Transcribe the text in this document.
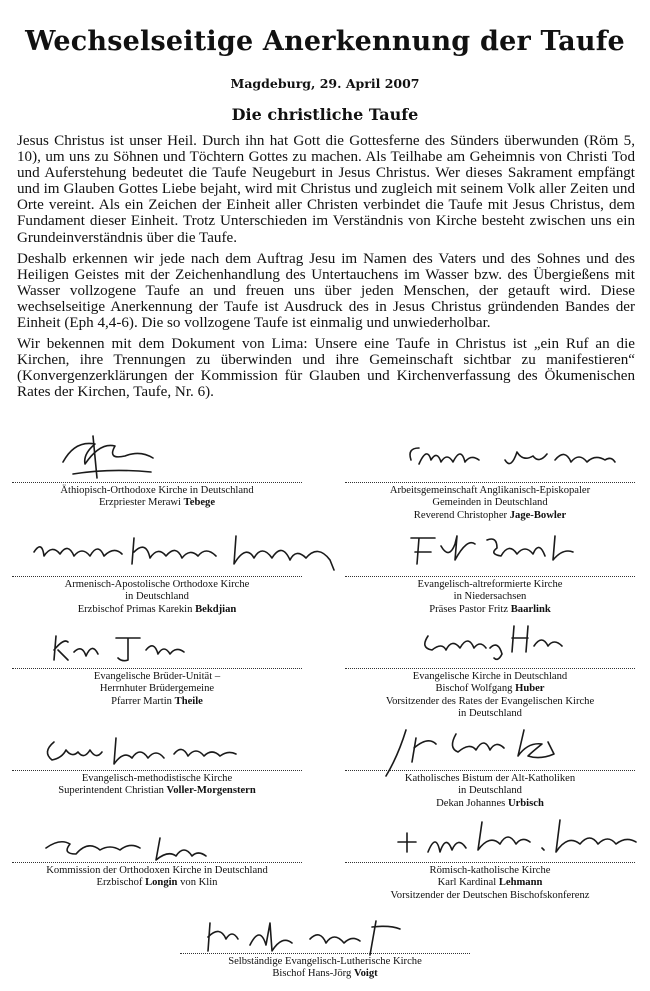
Wechselseitige Anerkennung der Taufe
Magdeburg, 29. April 2007
Die christliche Taufe

Jesus Christus ist unser Heil. Durch ihn hat Gott die Gottesferne des Sünders überwunden (Röm 5, 10), um uns zu Söhnen und Töchtern Gottes zu machen. Als Teilhabe am Geheimnis von Christi Tod und Auferstehung bedeutet die Taufe Neugeburt in Jesus Christus. Wer dieses Sakrament empfängt und im Glauben Gottes Liebe bejaht, wird mit Christus und zugleich mit seinem Volk aller Zeiten und Orte vereint. Als ein Zeichen der Einheit aller Christen verbindet die Taufe mit Jesus Christus, dem Fundament dieser Einheit. Trotz Unterschieden im Verständnis von Kirche besteht zwischen uns ein Grundeinverständnis über die Taufe.

Deshalb erkennen wir jede nach dem Auftrag Jesu im Namen des Vaters und des Sohnes und des Heiligen Geistes mit der Zeichenhandlung des Untertauchens im Wasser bzw. des Übergießens mit Wasser vollzogene Taufe an und freuen uns über jeden Menschen, der getauft wird. Diese wechselseitige Anerkennung der Taufe ist Ausdruck des in Jesus Christus gründenden Bandes der Einheit (Eph 4,4-6). Die so vollzogene Taufe ist einmalig und unwiederholbar.

Wir bekennen mit dem Dokument von Lima: Unsere eine Taufe in Christus ist „ein Ruf an die Kirchen, ihre Trennungen zu überwinden und ihre Gemeinschaft sichtbar zu manifestieren“ (Konvergenzerklärungen der Kommission für Glauben und Kirchenverfassung des Ökumenischen Rates der Kirchen, Taufe, Nr. 6).

Äthiopisch-Orthodoxe Kirche in Deutschland
Erzpriester Merawi Tebege
Arbeitsgemeinschaft Anglikanisch-Episkopaler
Gemeinden in Deutschland
Reverend Christopher Jage-Bowler
Armenisch-Apostolische Orthodoxe Kirche
in Deutschland
Erzbischof Primas Karekin Bekdjian
Evangelisch-altreformierte Kirche
in Niedersachsen
Präses Pastor Fritz Baarlink
Evangelische Brüder-Unität –
Herrnhuter Brüdergemeine
Pfarrer Martin Theile
Evangelische Kirche in Deutschland
Bischof Wolfgang Huber
Vorsitzender des Rates der Evangelischen Kirche
in Deutschland
Evangelisch-methodistische Kirche
Superintendent Christian Voller-Morgenstern
Katholisches Bistum der Alt-Katholiken
in Deutschland
Dekan Johannes Urbisch
Kommission der Orthodoxen Kirche in Deutschland
Erzbischof Longin von Klin
Römisch-katholische Kirche
Karl Kardinal Lehmann
Vorsitzender der Deutschen Bischofskonferenz
Selbständige Evangelisch-Lutherische Kirche
Bischof Hans-Jörg Voigt
